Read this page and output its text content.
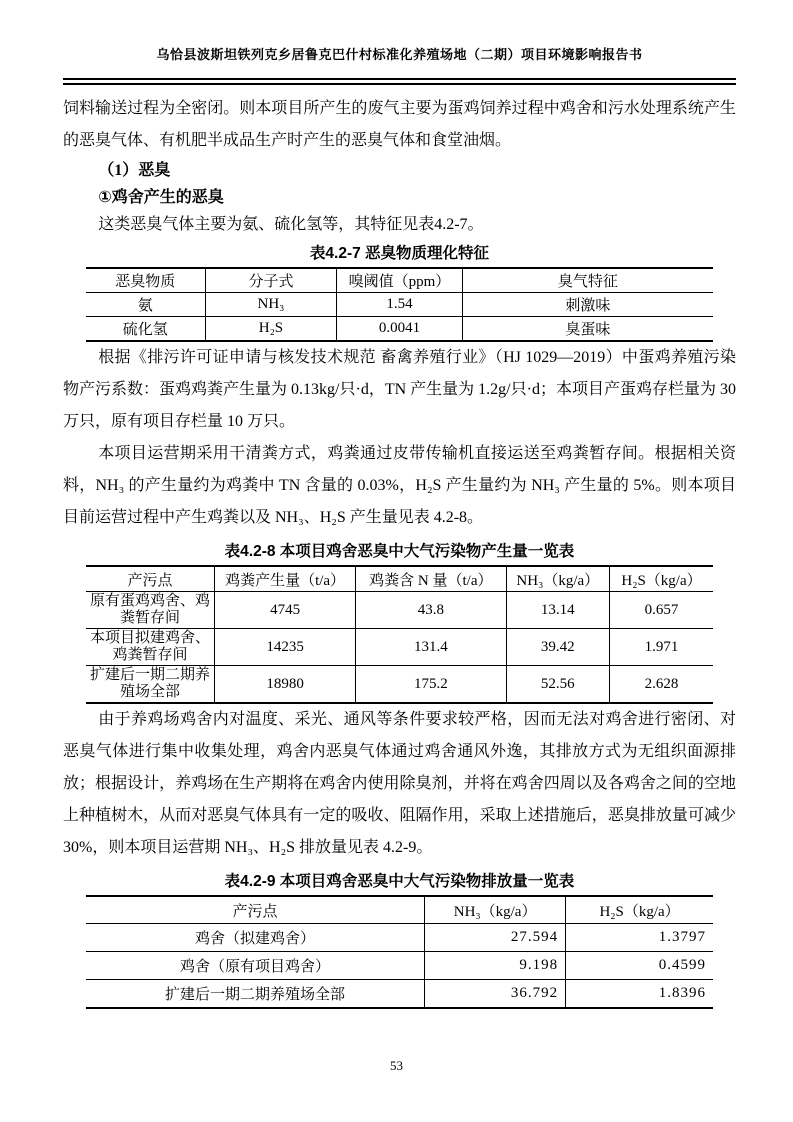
乌恰县波斯坦铁列克乡居鲁克巴什村标准化养殖场地（二期）项目环境影响报告书

饲料输送过程为全密闭。则本项目所产生的废气主要为蛋鸡饲养过程中鸡舍和污水处理系统产生的恶臭气体、有机肥半成品生产时产生的恶臭气体和食堂油烟。

（1）恶臭

①鸡舍产生的恶臭

这类恶臭气体主要为氨、硫化氢等，其特征见表4.2-7。

表4.2-7 恶臭物质理化特征

恶臭物质	分子式	嗅阈值（ppm）	臭气特征
氨	NH₃	1.54	刺激味
硫化氢	H₂S	0.0041	臭蛋味

根据《排污许可证申请与核发技术规范 畜禽养殖行业》（HJ 1029—2019）中蛋鸡养殖污染物产污系数：蛋鸡鸡粪产生量为 0.13kg/只·d，TN 产生量为 1.2g/只·d；本项目产蛋鸡存栏量为 30 万只，原有项目存栏量 10 万只。

本项目运营期采用干清粪方式，鸡粪通过皮带传输机直接运送至鸡粪暂存间。根据相关资料，NH₃ 的产生量约为鸡粪中 TN 含量的 0.03%，H₂S 产生量约为 NH₃ 产生量的 5%。则本项目目前运营过程中产生鸡粪以及 NH₃、H₂S 产生量见表 4.2-8。

表4.2-8 本项目鸡舍恶臭中大气污染物产生量一览表

产污点	鸡粪产生量（t/a）	鸡粪含 N 量（t/a）	NH₃（kg/a）	H₂S（kg/a）
原有蛋鸡鸡舍、鸡粪暂存间	4745	43.8	13.14	0.657
本项目拟建鸡舍、鸡粪暂存间	14235	131.4	39.42	1.971
扩建后一期二期养殖场全部	18980	175.2	52.56	2.628

由于养鸡场鸡舍内对温度、采光、通风等条件要求较严格，因而无法对鸡舍进行密闭、对恶臭气体进行集中收集处理，鸡舍内恶臭气体通过鸡舍通风外逸，其排放方式为无组织面源排放；根据设计，养鸡场在生产期将在鸡舍内使用除臭剂，并将在鸡舍四周以及各鸡舍之间的空地上种植树木，从而对恶臭气体具有一定的吸收、阻隔作用，采取上述措施后，恶臭排放量可减少 30%，则本项目运营期 NH₃、H₂S 排放量见表 4.2-9。

表4.2-9 本项目鸡舍恶臭中大气污染物排放量一览表

产污点	NH₃（kg/a）	H₂S（kg/a）
鸡舍（拟建鸡舍）	27.594	1.3797
鸡舍（原有项目鸡舍）	9.198	0.4599
扩建后一期二期养殖场全部	36.792	1.8396
53
